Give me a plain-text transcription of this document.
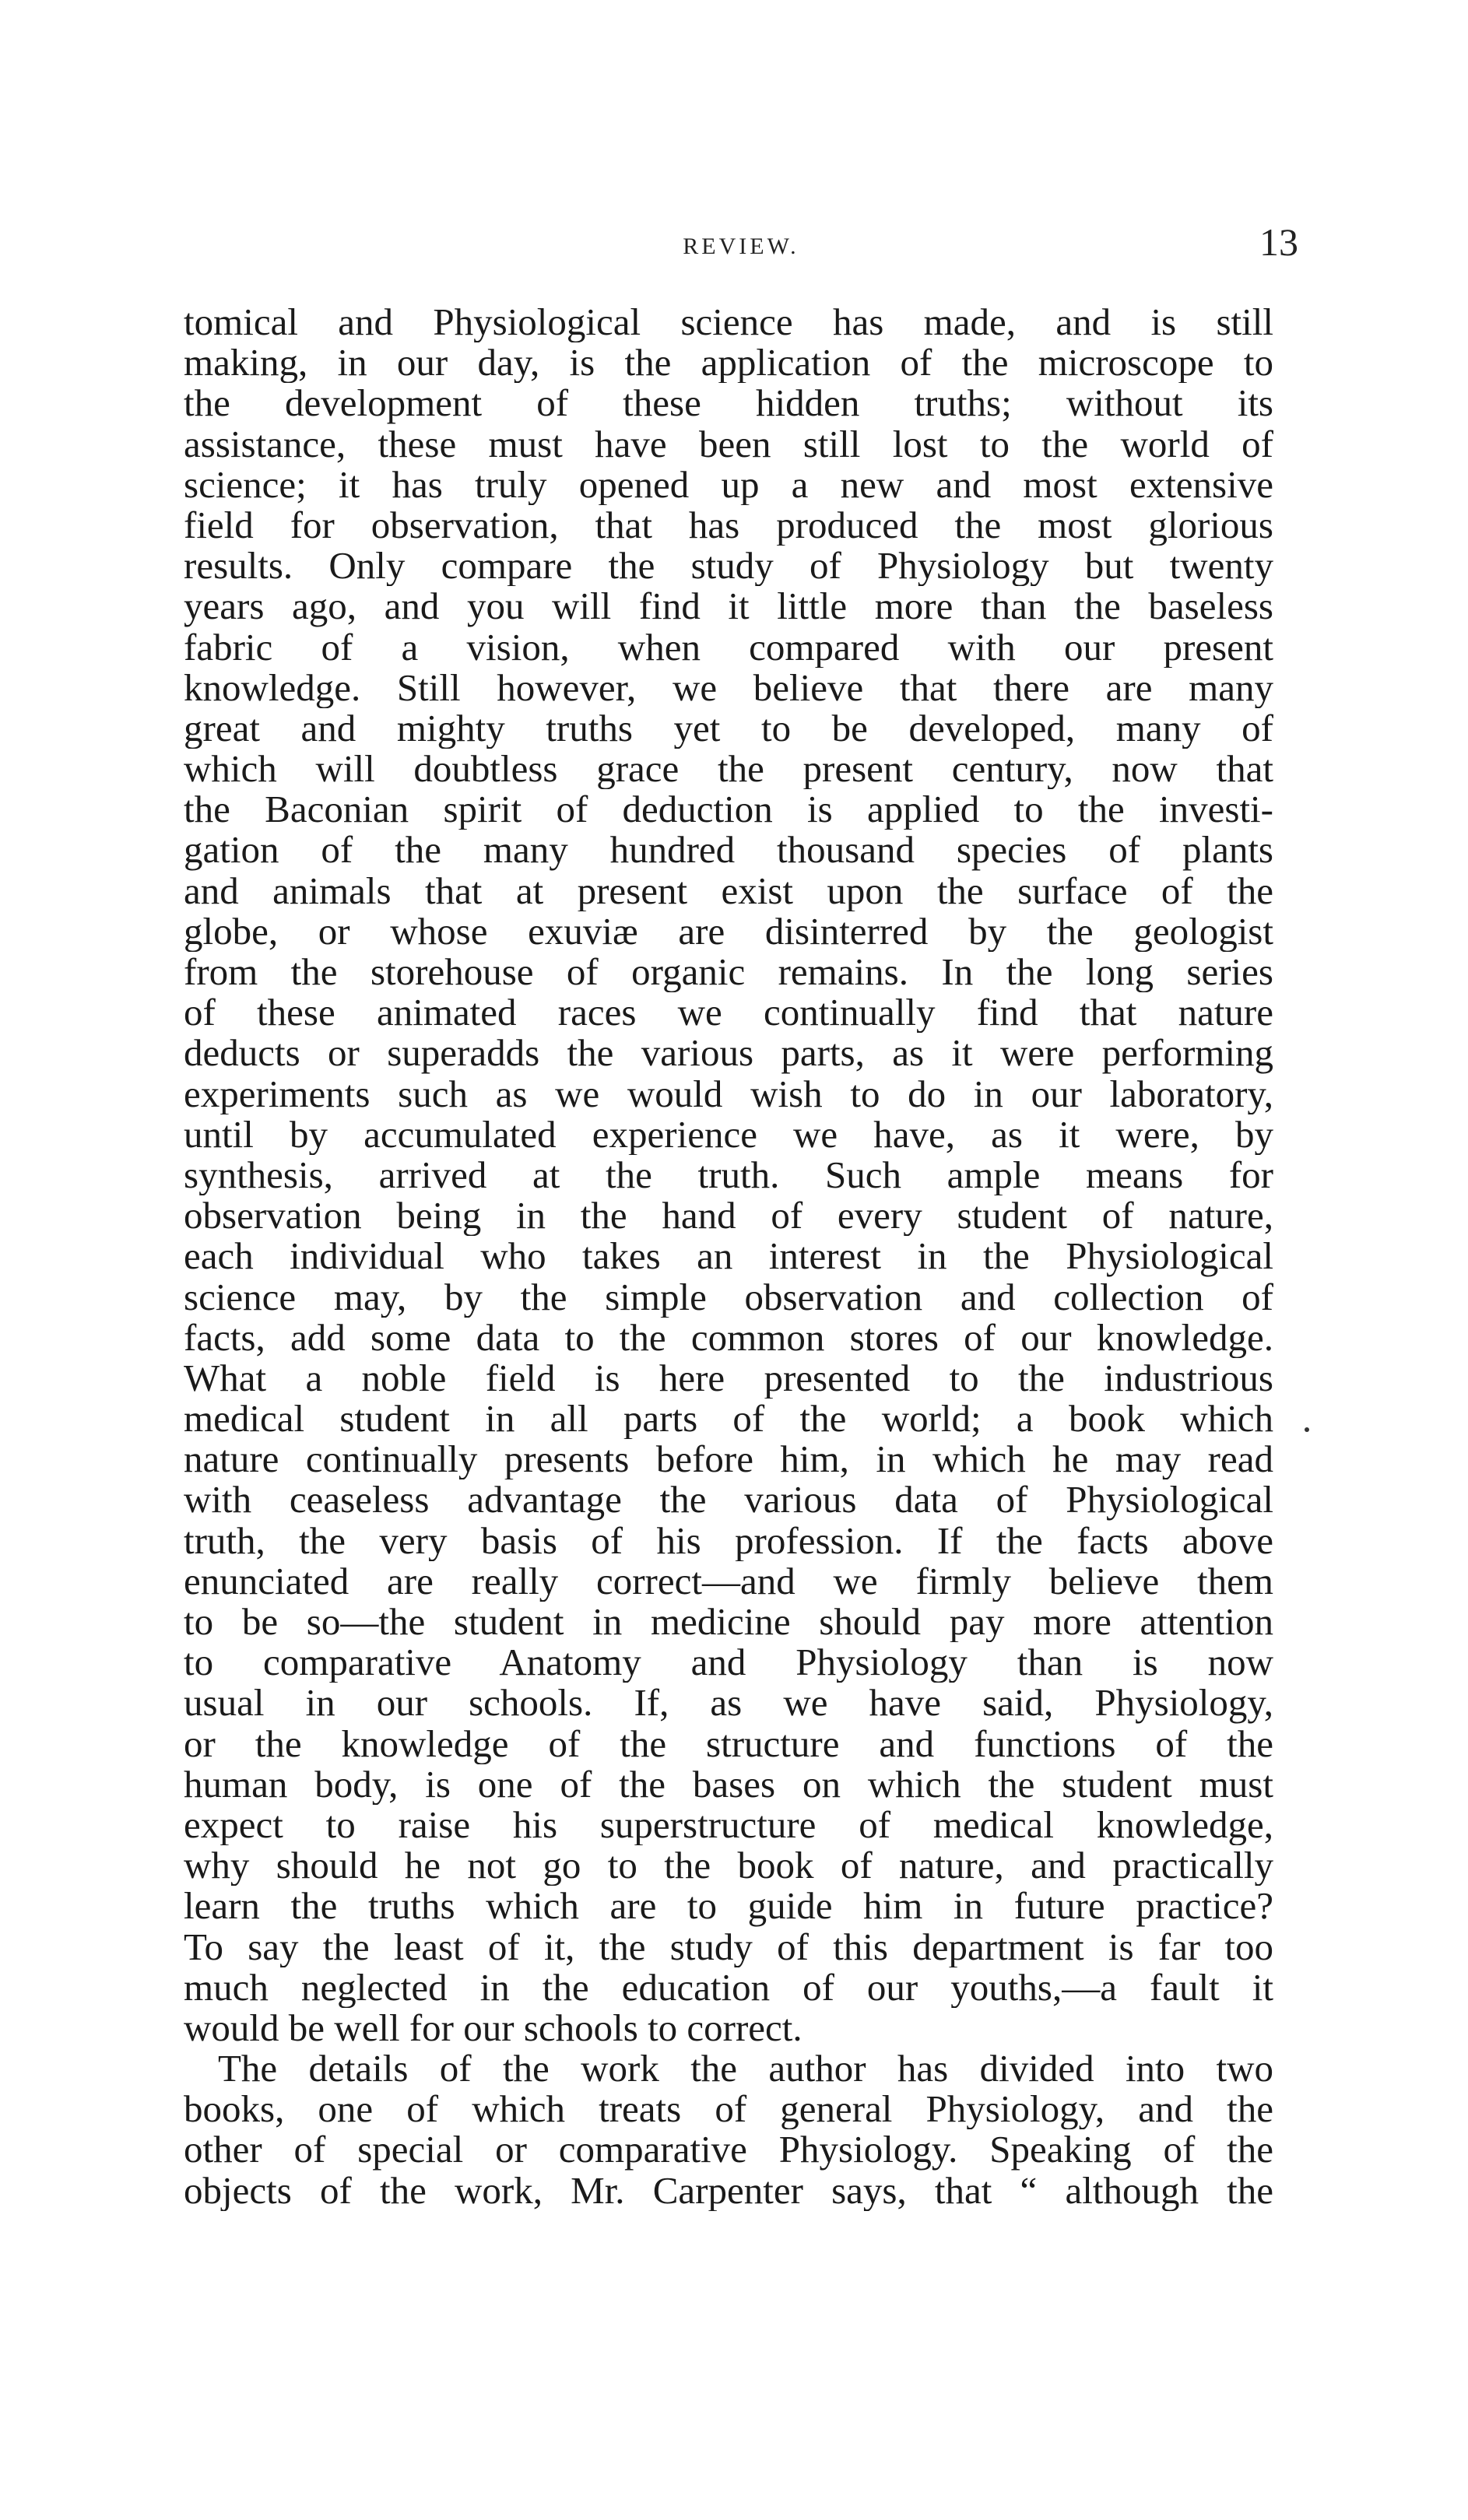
REVIEW.	13
tomical and Physiological science has made, and is still
making, in our day, is the application of the microscope to
the development of these hidden truths; without its
assistance, these must have been still lost to the world of
science; it has truly opened up a new and most extensive
field for observation, that has produced the most glorious
results. Only compare the study of Physiology but twenty
years ago, and you will find it little more than the baseless
fabric of a vision, when compared with our present
knowledge. Still however, we believe that there are many
great and mighty truths yet to be developed, many of
which will doubtless grace the present century, now that
the Baconian spirit of deduction is applied to the investi-
gation of the many hundred thousand species of plants
and animals that at present exist upon the surface of the
globe, or whose exuviæ are disinterred by the geologist
from the storehouse of organic remains. In the long series
of these animated races we continually find that nature
deducts or superadds the various parts, as it were performing
experiments such as we would wish to do in our laboratory,
until by accumulated experience we have, as it were, by
synthesis, arrived at the truth. Such ample means for
observation being in the hand of every student of nature,
each individual who takes an interest in the Physiological
science may, by the simple observation and collection of
facts, add some data to the common stores of our knowledge.
What a noble field is here presented to the industrious
medical student in all parts of the world; a book which
nature continually presents before him, in which he may read
with ceaseless advantage the various data of Physiological
truth, the very basis of his profession. If the facts above
enunciated are really correct—and we firmly believe them
to be so—the student in medicine should pay more attention
to comparative Anatomy and Physiology than is now
usual in our schools. If, as we have said, Physiology,
or the knowledge of the structure and functions of the
human body, is one of the bases on which the student must
expect to raise his superstructure of medical knowledge,
why should he not go to the book of nature, and practically
learn the truths which are to guide him in future practice?
To say the least of it, the study of this department is far too
much neglected in the education of our youths,—a fault it
would be well for our schools to correct.
The details of the work the author has divided into two
books, one of which treats of general Physiology, and the
other of special or comparative Physiology. Speaking of the
objects of the work, Mr. Carpenter says, that “ although the
